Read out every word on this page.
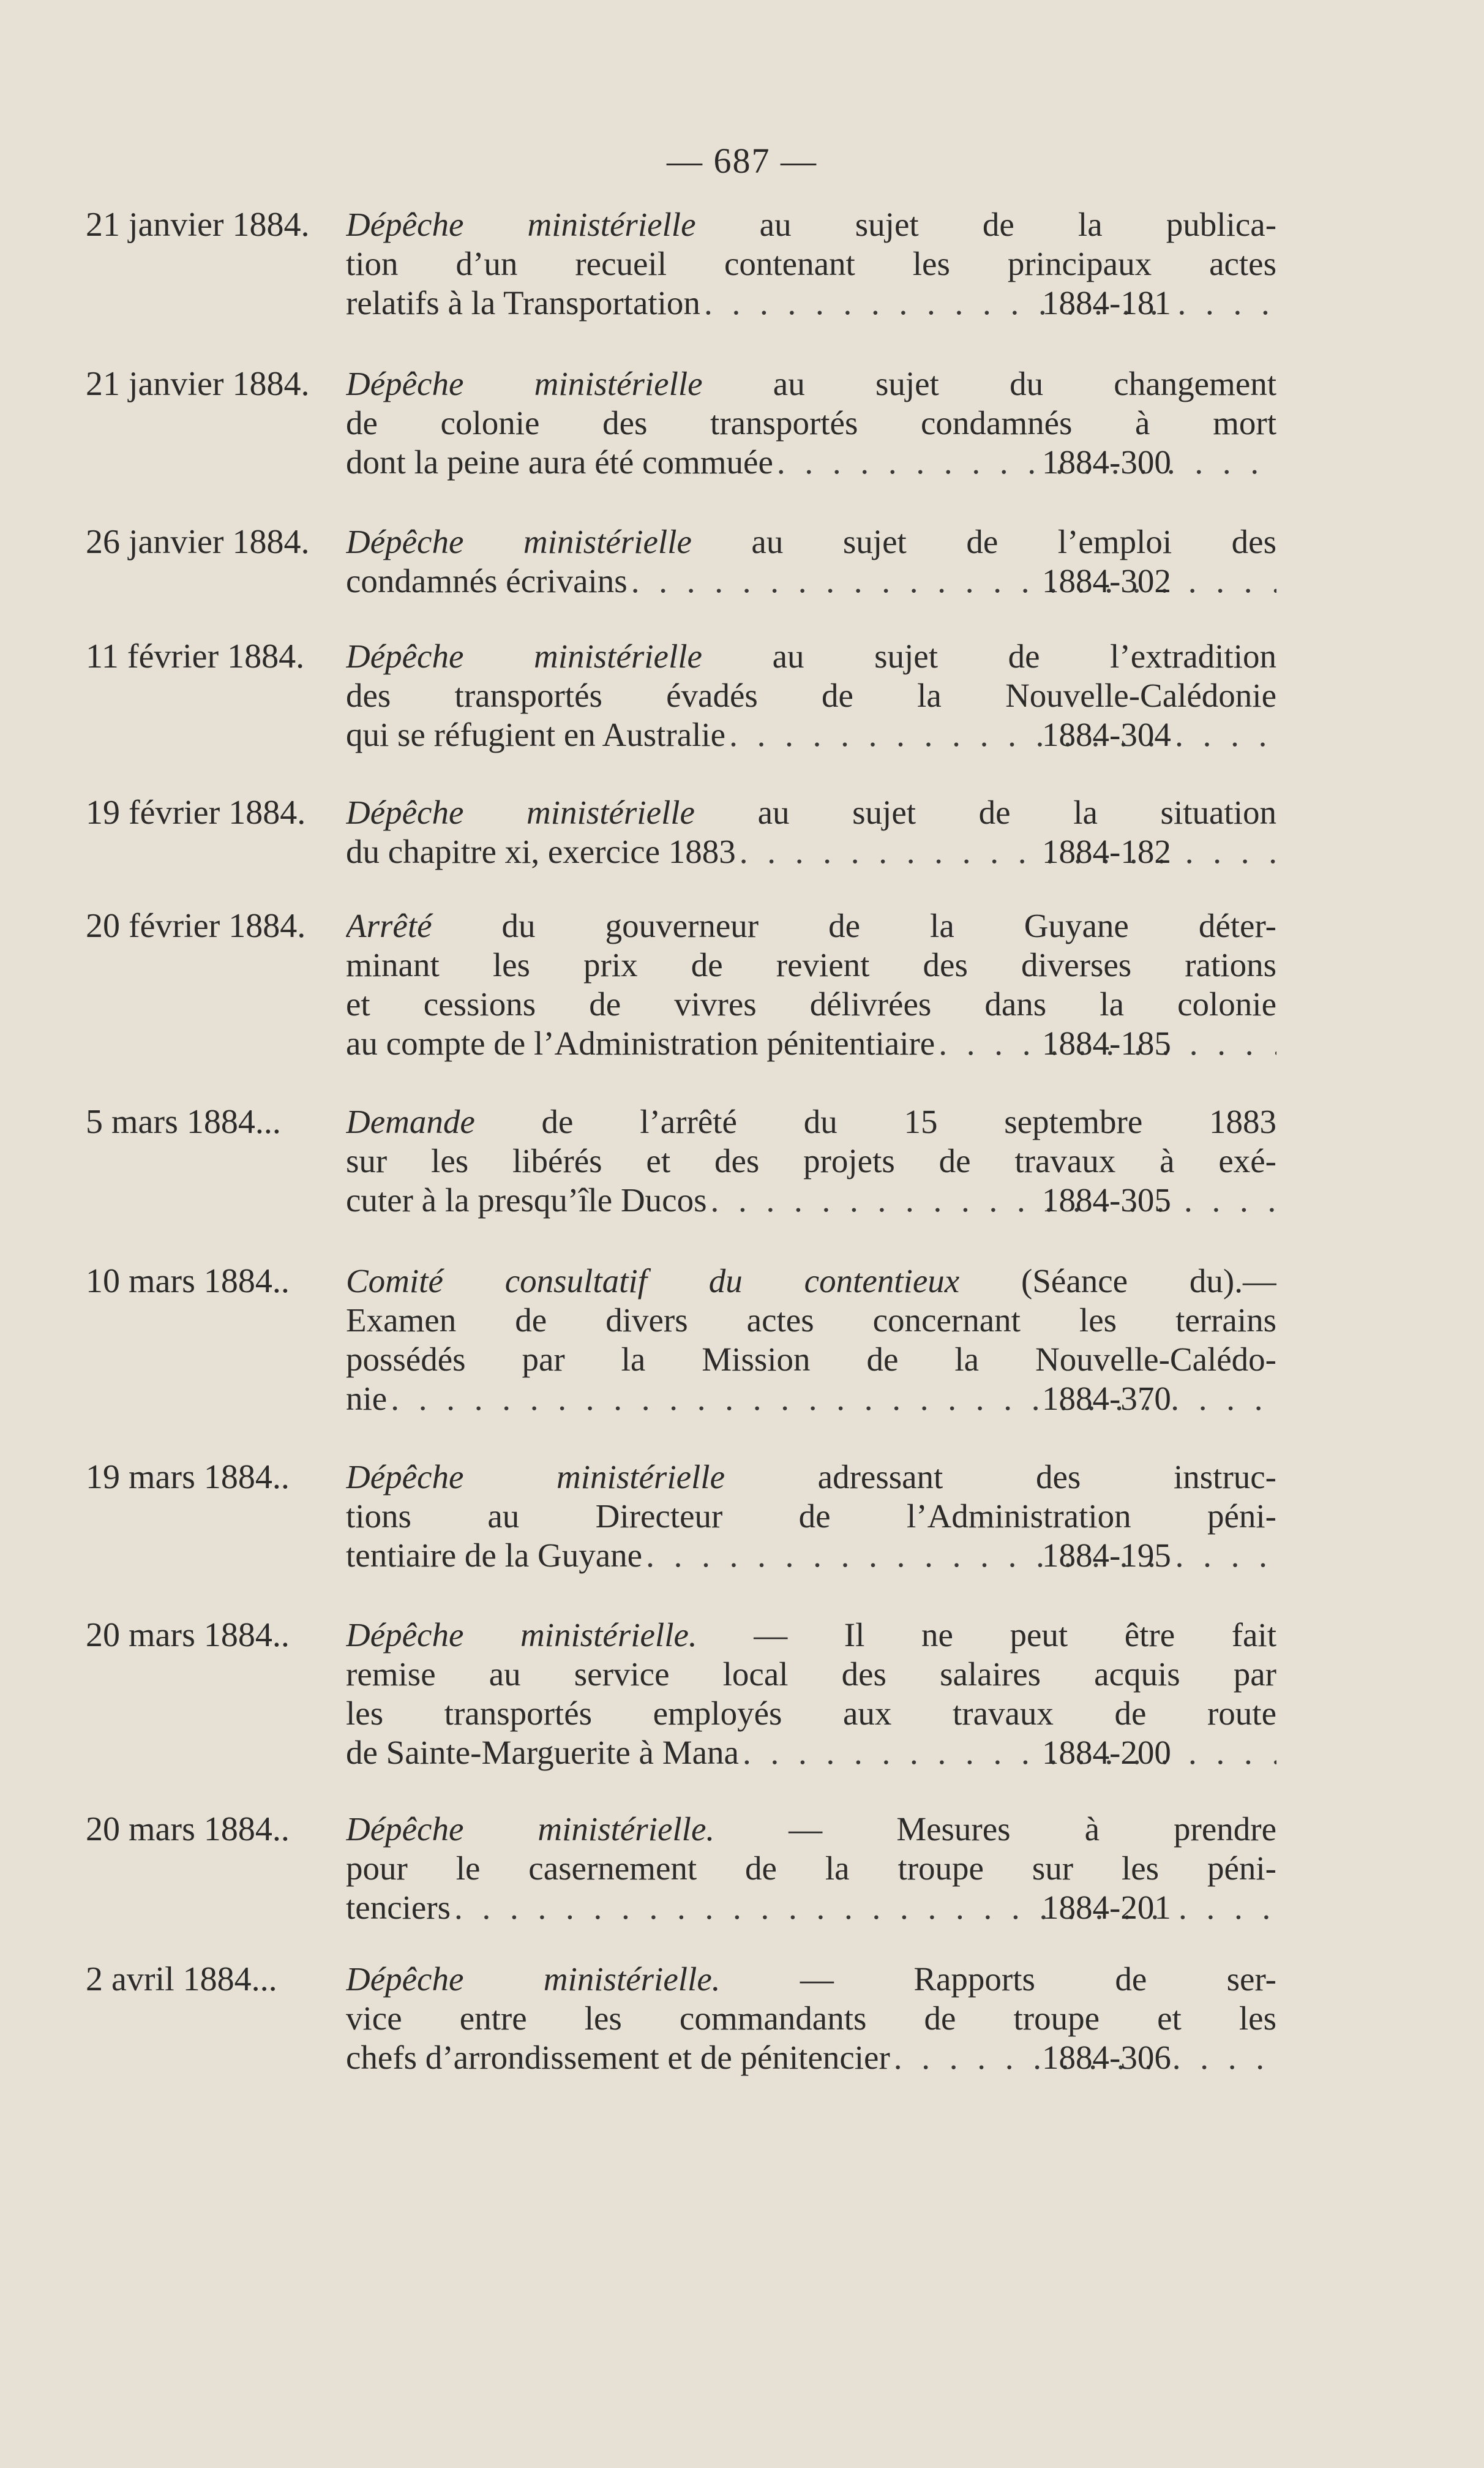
— 687 —
21 janvier 1884. Dépêche ministérielle au sujet de la publica-
tion d’un recueil contenant les principaux actes
relatifs à la Transportation . . .	1884-181
21 janvier 1884. Dépêche ministérielle au sujet du changement
de colonie des transportés condamnés à mort
dont la peine aura été commuée . . .	1884-300
26 janvier 1884. Dépêche ministérielle au sujet de l’emploi des
condamnés écrivains . . .	1884-302
11 février 1884. Dépêche ministérielle au sujet de l’extradition
des transportés évadés de la Nouvelle-Calédonie
qui se réfugient en Australie . . .	1884-304
19 février 1884. Dépêche ministérielle au sujet de la situation
du chapitre xi, exercice 1883 . . .	1884-182
20 février 1884. Arrêté du gouverneur de la Guyane déter-
minant les prix de revient des diverses rations
et cessions de vivres délivrées dans la colonie
au compte de l’Administration pénitentiaire . . .	1884-185
5 mars 1884... Demande de l’arrêté du 15 septembre 1883
sur les libérés et des projets de travaux à exé-
cuter à la presqu’île Ducos . . .	1884-305
10 mars 1884.. Comité consultatif du contentieux (Séance du).—
Examen de divers actes concernant les terrains
possédés par la Mission de la Nouvelle-Calédo-
nie . . .	1884-370
19 mars 1884.. Dépêche ministérielle adressant des instruc-
tions au Directeur de l’Administration péni-
tentiaire de la Guyane . . .	1884-195
20 mars 1884.. Dépêche ministérielle. — Il ne peut être fait
remise au service local des salaires acquis par
les transportés employés aux travaux de route
de Sainte-Marguerite à Mana . . .	1884-200
20 mars 1884.. Dépêche ministérielle. — Mesures à prendre
pour le casernement de la troupe sur les péni-
tenciers . . .	1884-201
2 avril 1884... Dépêche ministérielle. — Rapports de ser-
vice entre les commandants de troupe et les
chefs d’arrondissement et de pénitencier . . .	1884-306
